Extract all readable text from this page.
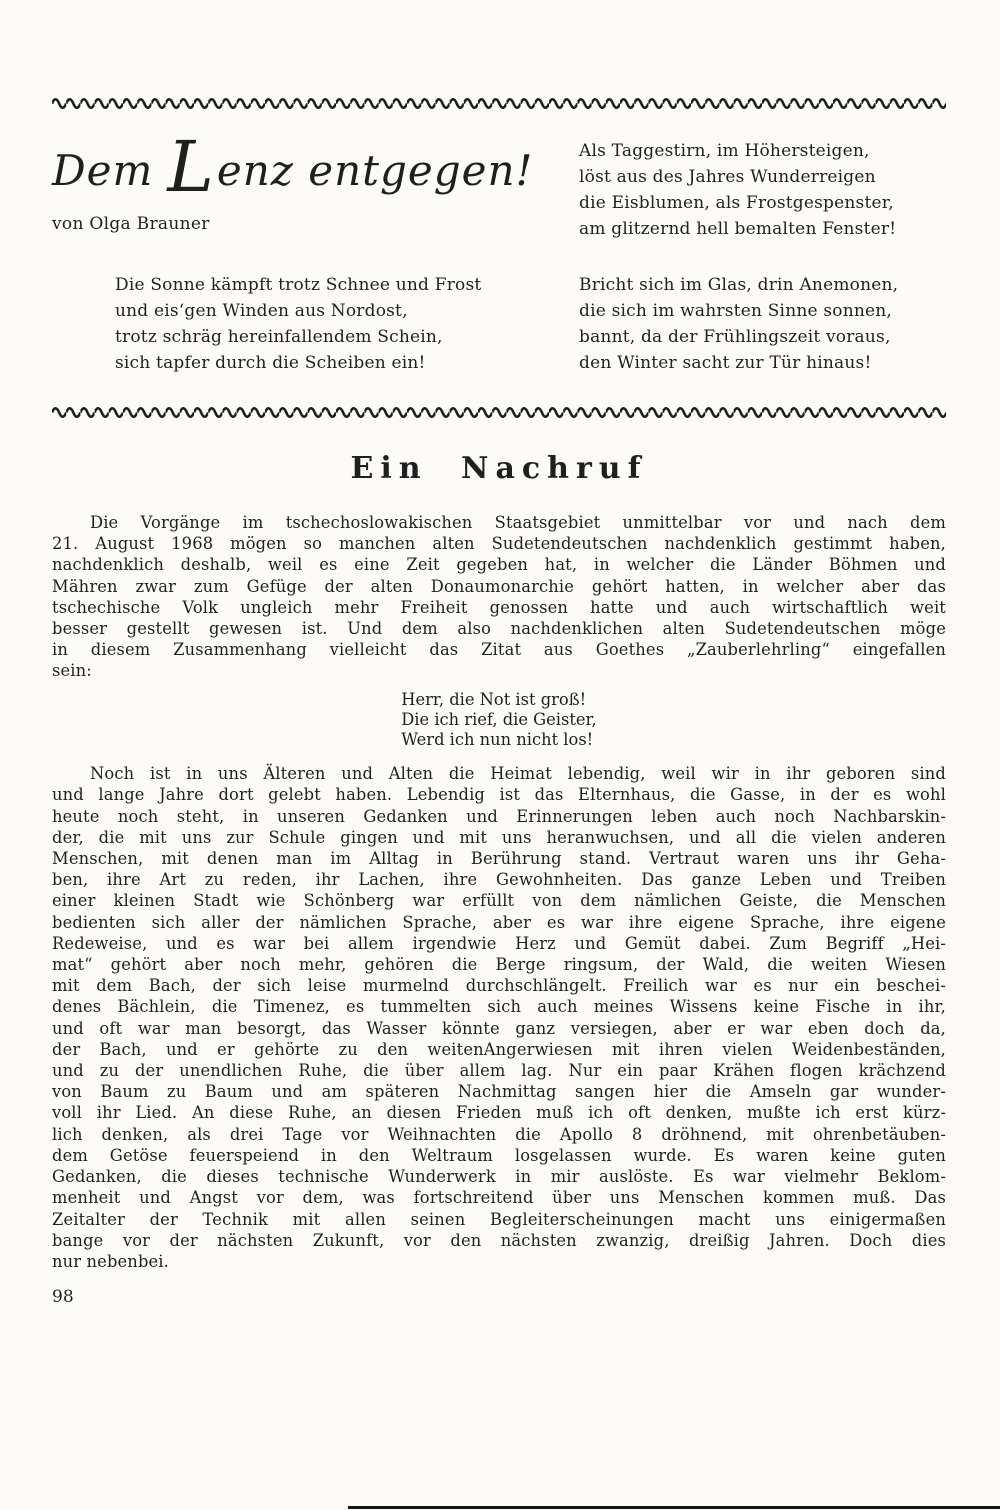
Dem Lenz entgegen!
von Olga Brauner
Als Taggestirn, im Höhersteigen,
löst aus des Jahres Wunderreigen
die Eisblumen, als Frostgespenster,
am glitzernd hell bemalten Fenster!
Die Sonne kämpft trotz Schnee und Frost
und eis‘gen Winden aus Nordost,
trotz schräg hereinfallendem Schein,
sich tapfer durch die Scheiben ein!
Bricht sich im Glas, drin Anemonen,
die sich im wahrsten Sinne sonnen,
bannt, da der Frühlingszeit voraus,
den Winter sacht zur Tür hinaus!
Ein Nachruf
Die Vorgänge im tschechoslowakischen Staatsgebiet unmittelbar vor und nach dem
21. August 1968 mögen so manchen alten Sudetendeutschen nachdenklich gestimmt haben,
nachdenklich deshalb, weil es eine Zeit gegeben hat, in welcher die Länder Böhmen und
Mähren zwar zum Gefüge der alten Donaumonarchie gehört hatten, in welcher aber das
tschechische Volk ungleich mehr Freiheit genossen hatte und auch wirtschaftlich weit
besser gestellt gewesen ist. Und dem also nachdenklichen alten Sudetendeutschen möge
in diesem Zusammenhang vielleicht das Zitat aus Goethes „Zauberlehrling“ eingefallen
sein:
Herr, die Not ist groß!
Die ich rief, die Geister,
Werd ich nun nicht los!
Noch ist in uns Älteren und Alten die Heimat lebendig, weil wir in ihr geboren sind
und lange Jahre dort gelebt haben. Lebendig ist das Elternhaus, die Gasse, in der es wohl
heute noch steht, in unseren Gedanken und Erinnerungen leben auch noch Nachbarskin-
der, die mit uns zur Schule gingen und mit uns heranwuchsen, und all die vielen anderen
Menschen, mit denen man im Alltag in Berührung stand. Vertraut waren uns ihr Geha-
ben, ihre Art zu reden, ihr Lachen, ihre Gewohnheiten. Das ganze Leben und Treiben
einer kleinen Stadt wie Schönberg war erfüllt von dem nämlichen Geiste, die Menschen
bedienten sich aller der nämlichen Sprache, aber es war ihre eigene Sprache, ihre eigene
Redeweise, und es war bei allem irgendwie Herz und Gemüt dabei. Zum Begriff „Hei-
mat“ gehört aber noch mehr, gehören die Berge ringsum, der Wald, die weiten Wiesen
mit dem Bach, der sich leise murmelnd durchschlängelt. Freilich war es nur ein beschei-
denes Bächlein, die Timenez, es tummelten sich auch meines Wissens keine Fische in ihr,
und oft war man besorgt, das Wasser könnte ganz versiegen, aber er war eben doch da,
der Bach, und er gehörte zu den weitenAngerwiesen mit ihren vielen Weidenbeständen,
und zu der unendlichen Ruhe, die über allem lag. Nur ein paar Krähen flogen krächzend
von Baum zu Baum und am späteren Nachmittag sangen hier die Amseln gar wunder-
voll ihr Lied. An diese Ruhe, an diesen Frieden muß ich oft denken, mußte ich erst kürz-
lich denken, als drei Tage vor Weihnachten die Apollo 8 dröhnend, mit ohrenbetäuben-
dem Getöse feuerspeiend in den Weltraum losgelassen wurde. Es waren keine guten
Gedanken, die dieses technische Wunderwerk in mir auslöste. Es war vielmehr Beklom-
menheit und Angst vor dem, was fortschreitend über uns Menschen kommen muß. Das
Zeitalter der Technik mit allen seinen Begleiterscheinungen macht uns einigermaßen
bange vor der nächsten Zukunft, vor den nächsten zwanzig, dreißig Jahren. Doch dies
nur nebenbei.
98
